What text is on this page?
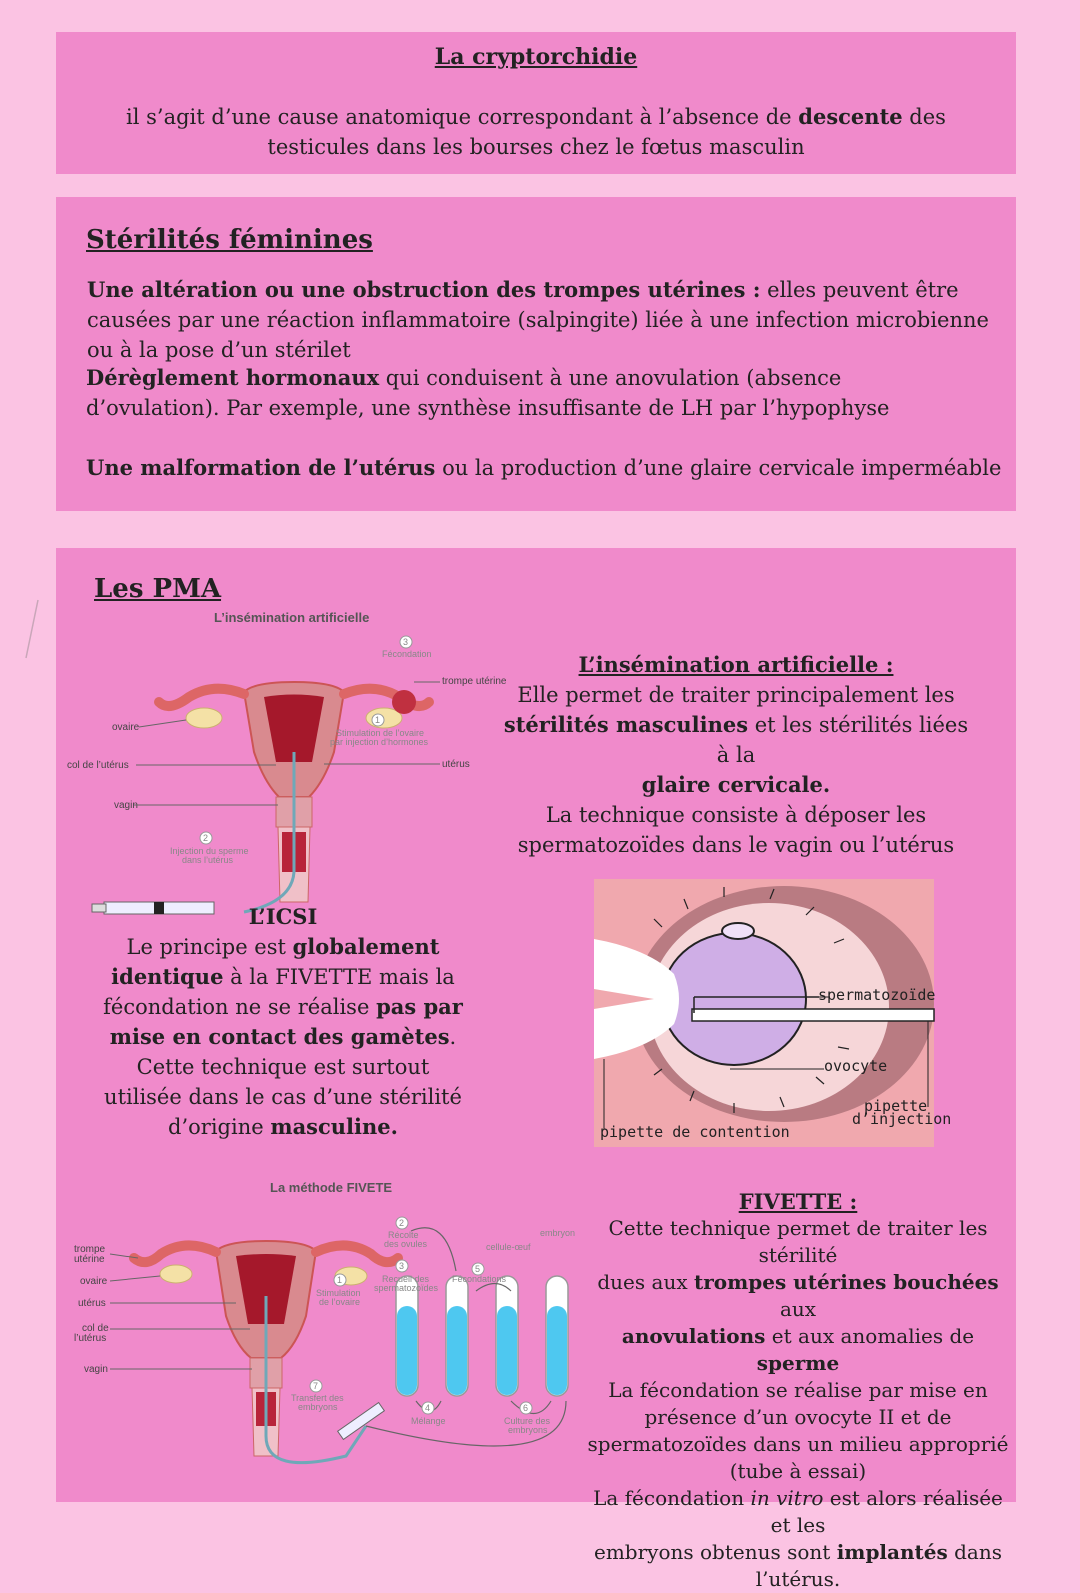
La cryptorchidie
il s’agit d’une cause anatomique correspondant à l’absence de descente des
testicules dans les bourses chez le fœtus masculin
Stérilités féminines
Une altération ou une obstruction des trompes utérines : elles peuvent être causées par une réaction inflammatoire (salpingite) liée à une infection microbienne ou à la pose d’un stérilet
Dérèglement hormonaux qui conduisent à une anovulation (absence d’ovulation). Par exemple, une synthèse insuffisante de LH par l’hypophyse
Une malformation de l’utérus ou la production d’une glaire cervicale imperméable
Les PMA
L’insémination artificielle
ovaire
col de l’utérus
vagin
trompe utérine
utérus
3
Fécondation
1
Stimulation de l’ovaire
par injection d’hormones
2
Injection du sperme
dans l’utérus
L’insémination artificielle :
Elle permet de traiter principalement les
stérilités masculines et les stérilités liées à la
glaire cervicale.
La technique consiste à déposer les
spermatozoïdes dans le vagin ou l’utérus
L’ICSI
Le principe est globalement
identique à la FIVETTE mais la
fécondation ne se réalise pas par
mise en contact des gamètes.
Cette technique est surtout
utilisée dans le cas d’une stérilité
d’origine masculine.
spermatozoïde
ovocyte
pipette
d’injection
pipette de contention
La méthode FIVETE
trompe
utérine
ovaire
utérus
col de
l’utérus
vagin
1
Stimulation
de l’ovaire
2
Récolte
des ovules
3
Recueil des
spermatozoïdes
4
Mélange
5
Fécondations
6
Culture des
embryons
7
Transfert des
embryons
cellule-œuf
embryon
FIVETTE :
Cette technique permet de traiter les stérilité
dues aux trompes utérines bouchées aux
anovulations et aux anomalies de sperme
La fécondation se réalise par mise en
présence d’un ovocyte II et de
spermatozoïdes dans un milieu approprié
(tube à essai)
La fécondation in vitro est alors réalisée et les
embryons obtenus sont implantés dans
l’utérus.
